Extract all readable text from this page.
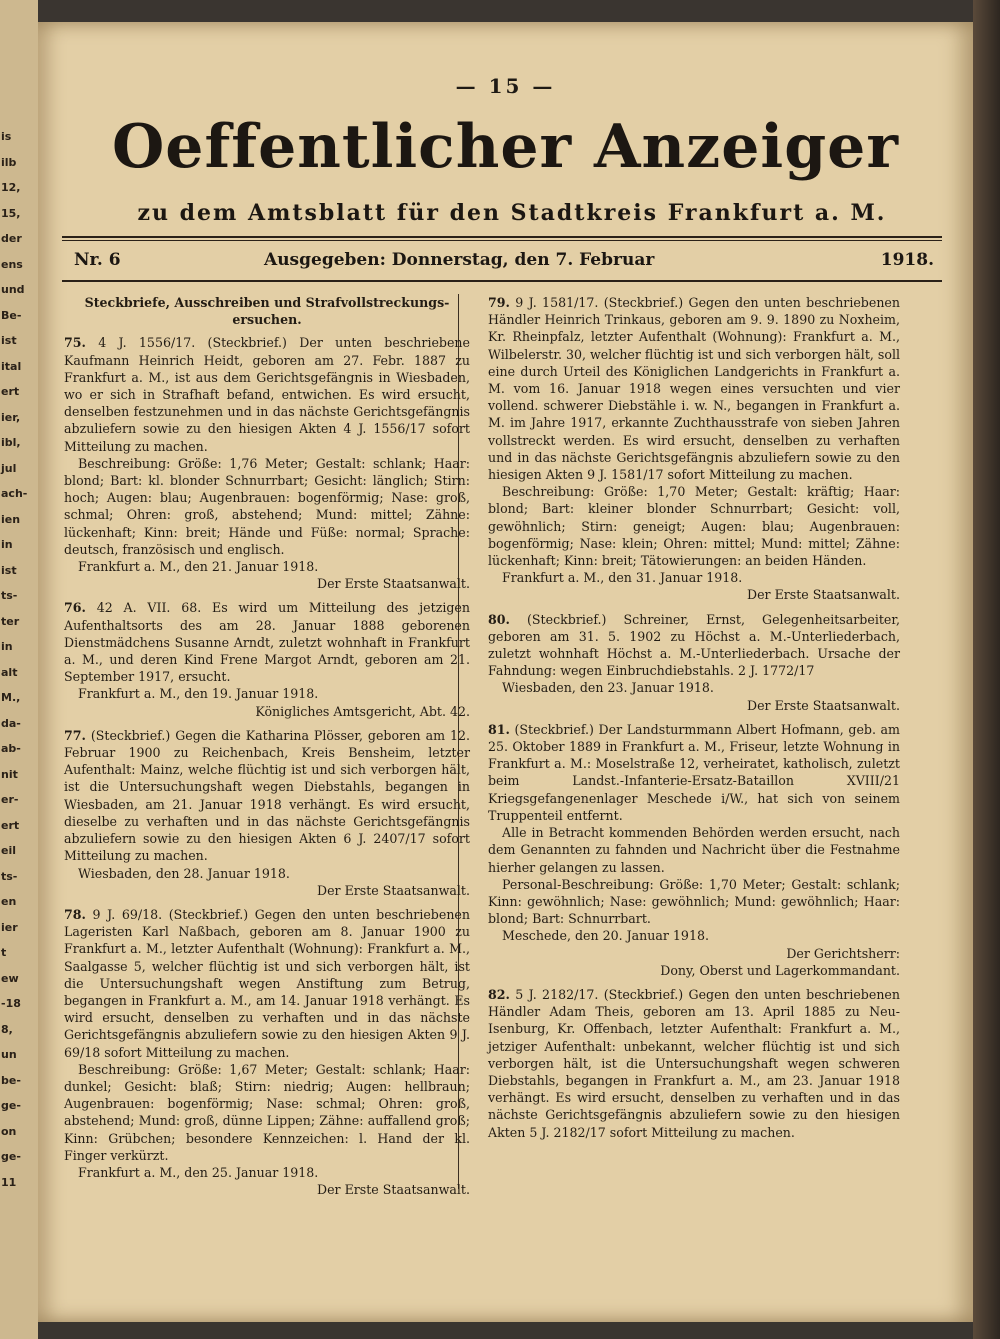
is
ilb
12,
15,
der
ens
und
Be-
ist
ital
ert
ier,
ibl,
jul
ach-
ien
in
ist
ts-
ter
in
alt
M.,
da-
ab-
nit
er-
ert
eil
ts-
en
ier
t
ew
-18
8,
un
be-
ge-
on
ge-
11
— 15 —
Oeffentlicher Anzeiger
zu dem Amtsblatt für den Stadtkreis Frankfurt a. M.
Nr. 6	Ausgegeben: Donnerstag, den 7. Februar	1918.
Steckbriefe, Ausschreiben und Strafvollstreckungs-ersuchen.

75. 4 J. 1556/17. (Steckbrief.) Der unten beschriebene Kaufmann Heinrich Heidt, geboren am 27. Febr. 1887 zu Frankfurt a. M., ist aus dem Gerichtsgefängnis in Wiesbaden, wo er sich in Strafhaft befand, entwichen. Es wird ersucht, denselben festzunehmen und in das nächste Gerichtsgefängnis abzuliefern sowie zu den hiesigen Akten 4 J. 1556/17 sofort Mitteilung zu machen.

Beschreibung: Größe: 1,76 Meter; Gestalt: schlank; Haar: blond; Bart: kl. blonder Schnurrbart; Gesicht: länglich; Stirn: hoch; Augen: blau; Augenbrauen: bogenförmig; Nase: groß, schmal; Ohren: groß, abstehend; Mund: mittel; Zähne: lückenhaft; Kinn: breit; Hände und Füße: normal; Sprache: deutsch, französisch und englisch.

Frankfurt a. M., den 21. Januar 1918.

Der Erste Staatsanwalt.

76. 42 A. VII. 68. Es wird um Mitteilung des jetzigen Aufenthaltsorts des am 28. Januar 1888 geborenen Dienstmädchens Susanne Arndt, zuletzt wohnhaft in Frankfurt a. M., und deren Kind Frene Margot Arndt, geboren am 21. September 1917, ersucht.

Frankfurt a. M., den 19. Januar 1918.

Königliches Amtsgericht, Abt. 42.

77. (Steckbrief.) Gegen die Katharina Plösser, geboren am 12. Februar 1900 zu Reichenbach, Kreis Bensheim, letzter Aufenthalt: Mainz, welche flüchtig ist und sich verborgen hält, ist die Untersuchungshaft wegen Diebstahls, begangen in Wiesbaden, am 21. Januar 1918 verhängt. Es wird ersucht, dieselbe zu verhaften und in das nächste Gerichtsgefängnis abzuliefern sowie zu den hiesigen Akten 6 J. 2407/17 sofort Mitteilung zu machen.

Wiesbaden, den 28. Januar 1918.

Der Erste Staatsanwalt.

78. 9 J. 69/18. (Steckbrief.) Gegen den unten beschriebenen Lageristen Karl Naßbach, geboren am 8. Januar 1900 zu Frankfurt a. M., letzter Aufenthalt (Wohnung): Frankfurt a. M., Saalgasse 5, welcher flüchtig ist und sich verborgen hält, ist die Untersuchungshaft wegen Anstiftung zum Betrug, begangen in Frankfurt a. M., am 14. Januar 1918 verhängt. Es wird ersucht, denselben zu verhaften und in das nächste Gerichtsgefängnis abzuliefern sowie zu den hiesigen Akten 9 J. 69/18 sofort Mitteilung zu machen.

Beschreibung: Größe: 1,67 Meter; Gestalt: schlank; Haar: dunkel; Gesicht: blaß; Stirn: niedrig; Augen: hellbraun; Augenbrauen: bogenförmig; Nase: schmal; Ohren: groß, abstehend; Mund: groß, dünne Lippen; Zähne: auffallend groß; Kinn: Grübchen; besondere Kennzeichen: l. Hand der kl. Finger verkürzt.

Frankfurt a. M., den 25. Januar 1918.

Der Erste Staatsanwalt.

79. 9 J. 1581/17. (Steckbrief.) Gegen den unten beschriebenen Händler Heinrich Trinkaus, geboren am 9. 9. 1890 zu Noxheim, Kr. Rheinpfalz, letzter Aufenthalt (Wohnung): Frankfurt a. M., Wilbelerstr. 30, welcher flüchtig ist und sich verborgen hält, soll eine durch Urteil des Königlichen Landgerichts in Frankfurt a. M. vom 16. Januar 1918 wegen eines versuchten und vier vollend. schwerer Diebstähle i. w. N., begangen in Frankfurt a. M. im Jahre 1917, erkannte Zuchthausstrafe von sieben Jahren vollstreckt werden. Es wird ersucht, denselben zu verhaften und in das nächste Gerichtsgefängnis abzuliefern sowie zu den hiesigen Akten 9 J. 1581/17 sofort Mitteilung zu machen.

Beschreibung: Größe: 1,70 Meter; Gestalt: kräftig; Haar: blond; Bart: kleiner blonder Schnurrbart; Gesicht: voll, gewöhnlich; Stirn: geneigt; Augen: blau; Augenbrauen: bogenförmig; Nase: klein; Ohren: mittel; Mund: mittel; Zähne: lückenhaft; Kinn: breit; Tätowierungen: an beiden Händen.

Frankfurt a. M., den 31. Januar 1918.

Der Erste Staatsanwalt.

80. (Steckbrief.) Schreiner, Ernst, Gelegenheitsarbeiter, geboren am 31. 5. 1902 zu Höchst a. M.-Unterliederbach, zuletzt wohnhaft Höchst a. M.-Unterliederbach. Ursache der Fahndung: wegen Einbruchdiebstahls. 2 J. 1772/17

Wiesbaden, den 23. Januar 1918.

Der Erste Staatsanwalt.

81. (Steckbrief.) Der Landsturmmann Albert Hofmann, geb. am 25. Oktober 1889 in Frankfurt a. M., Friseur, letzte Wohnung in Frankfurt a. M.: Moselstraße 12, verheiratet, katholisch, zuletzt beim Landst.-Infanterie-Ersatz-Bataillon XVIII/21 Kriegsgefangenenlager Meschede i/W., hat sich von seinem Truppenteil entfernt.

Alle in Betracht kommenden Behörden werden ersucht, nach dem Genannten zu fahnden und Nachricht über die Festnahme hierher gelangen zu lassen.

Personal-Beschreibung: Größe: 1,70 Meter; Gestalt: schlank; Kinn: gewöhnlich; Nase: gewöhnlich; Mund: gewöhnlich; Haar: blond; Bart: Schnurrbart.

Meschede, den 20. Januar 1918.

Der Gerichtsherr:

Dony, Oberst und Lagerkommandant.

82. 5 J. 2182/17. (Steckbrief.) Gegen den unten beschriebenen Händler Adam Theis, geboren am 13. April 1885 zu Neu-Isenburg, Kr. Offenbach, letzter Aufenthalt: Frankfurt a. M., jetziger Aufenthalt: unbekannt, welcher flüchtig ist und sich verborgen hält, ist die Untersuchungshaft wegen schweren Diebstahls, begangen in Frankfurt a. M., am 23. Januar 1918 verhängt. Es wird ersucht, denselben zu verhaften und in das nächste Gerichtsgefängnis abzuliefern sowie zu den hiesigen Akten 5 J. 2182/17 sofort Mitteilung zu machen.
